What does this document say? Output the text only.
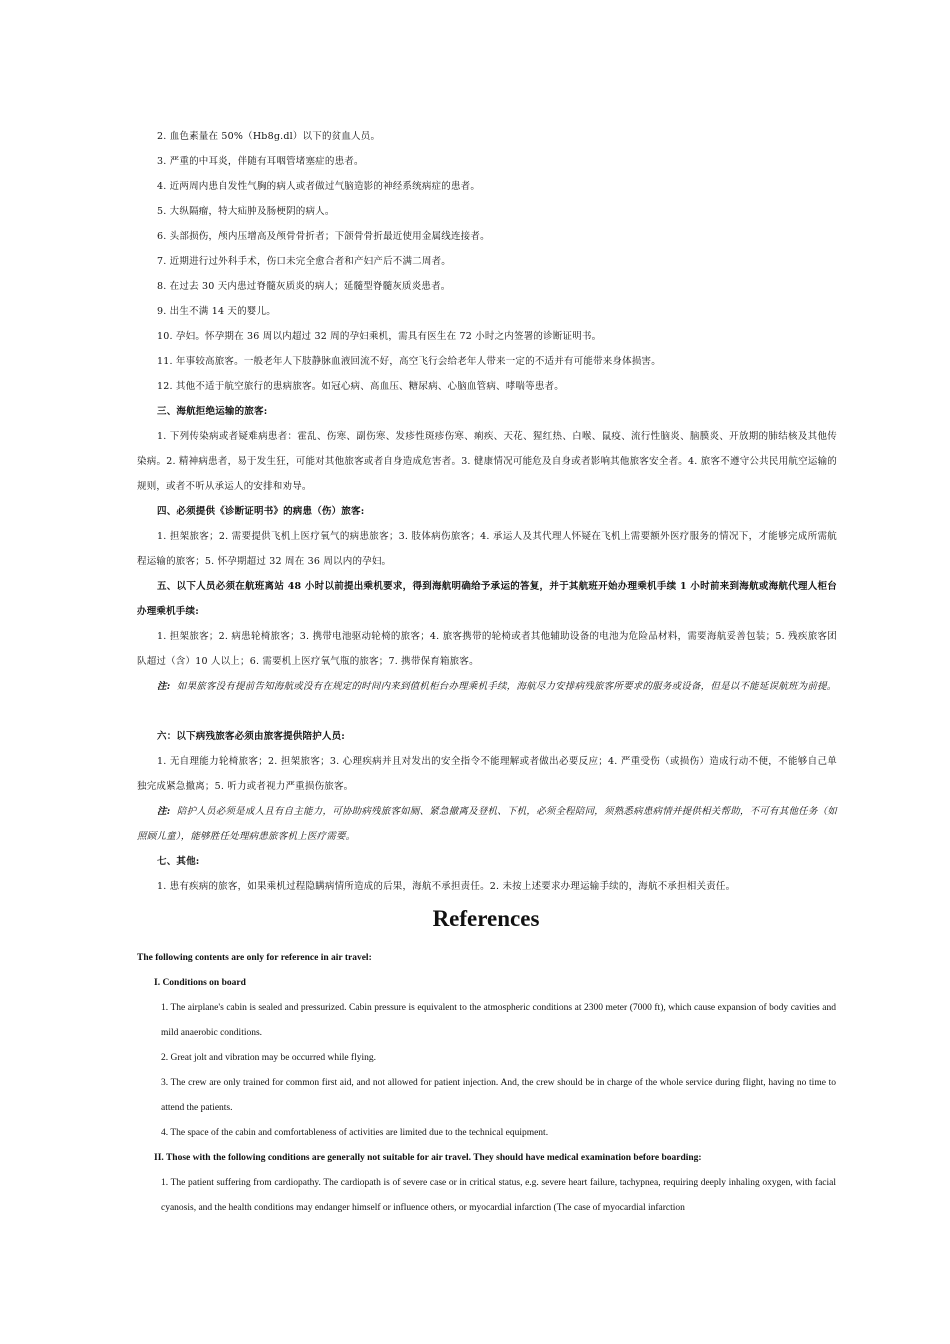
2. 血色素量在 50%（Hb8g.dl）以下的贫血人员。
3. 严重的中耳炎，伴随有耳咽管堵塞症的患者。
4. 近两周内患自发性气胸的病人或者做过气脑造影的神经系统病症的患者。
5. 大纵隔瘤，特大疝肿及肠梗阴的病人。
6. 头部损伤，颅内压增高及颅骨骨折者；下颌骨骨折最近使用金属线连接者。
7. 近期进行过外科手术，伤口未完全愈合者和产妇产后不满二周者。
8. 在过去 30 天内患过脊髓灰质炎的病人；延髓型脊髓灰质炎患者。
9. 出生不满 14 天的婴儿。
10. 孕妇。怀孕期在 36 周以内超过 32 周的孕妇乘机，需具有医生在 72 小时之内签署的诊断证明书。
11. 年事较高旅客。一般老年人下肢静脉血液回流不好，高空飞行会给老年人带来一定的不适并有可能带来身体损害。
12. 其他不适于航空旅行的患病旅客。如冠心病、高血压、糖尿病、心脑血管病、哮喘等患者。
三、海航拒绝运输的旅客:
1. 下列传染病或者疑难病患者：霍乱、伤寒、副伤寒、发疹性斑疹伤寒、痢疾、天花、猩红热、白喉、鼠疫、流行性脑炎、脑膜炎、开放期的肺结核及其他传染病。2. 精神病患者，易于发生狂，可能对其他旅客或者自身造成危害者。3. 健康情况可能危及自身或者影响其他旅客安全者。4. 旅客不遵守公共民用航空运输的规则，或者不听从承运人的安排和劝导。
四、必须提供《诊断证明书》的病患（伤）旅客:
1. 担架旅客；2. 需要提供飞机上医疗氧气的病患旅客；3. 肢体病伤旅客；4. 承运人及其代理人怀疑在飞机上需要额外医疗服务的情况下，才能够完成所需航程运输的旅客；5. 怀孕期超过 32 周在 36 周以内的孕妇。
五、以下人员必须在航班离站 48 小时以前提出乘机要求，得到海航明确给予承运的答复，并于其航班开始办理乘机手续 1 小时前来到海航或海航代理人柜台办理乘机手续:
1. 担架旅客；2. 病患轮椅旅客；3. 携带电池驱动轮椅的旅客；4. 旅客携带的轮椅或者其他辅助设备的电池为危险品材料，需要海航妥善包装；5. 残疾旅客团队超过（含）10 人以上；6. 需要机上医疗氧气瓶的旅客；7. 携带保育箱旅客。
注: 如果旅客没有提前告知海航或没有在规定的时间内来到值机柜台办理乘机手续，海航尽力安排病残旅客所要求的服务或设备，但是以不能延误航班为前提。
六：以下病残旅客必须由旅客提供陪护人员:
1. 无自理能力轮椅旅客；2. 担架旅客；3. 心理疾病并且对发出的安全指令不能理解或者做出必要反应；4. 严重受伤（或损伤）造成行动不便，不能够自己单独完成紧急撤离；5. 听力或者视力严重损伤旅客。
注: 陪护人员必须是成人且有自主能力，可协助病残旅客如厕、紧急撤离及登机、下机，必须全程陪同，须熟悉病患病情并提供相关帮助，不可有其他任务（如照顾儿童），能够胜任处理病患旅客机上医疗需要。
七、其他:
1. 患有疾病的旅客，如果乘机过程隐瞒病情所造成的后果，海航不承担责任。2. 未按上述要求办理运输手续的，海航不承担相关责任。
References
The following contents are only for reference in air travel:
I. Conditions on board
1. The airplane's cabin is sealed and pressurized. Cabin pressure is equivalent to the atmospheric conditions at 2300 meter (7000 ft), which cause expansion of body cavities and mild anaerobic conditions.
2. Great jolt and vibration may be occurred while flying.
3. The crew are only trained for common first aid, and not allowed for patient injection. And, the crew should be in charge of the whole service during flight, having no time to attend the patients.
4. The space of the cabin and comfortableness of activities are limited due to the technical equipment.
II. Those with the following conditions are generally not suitable for air travel. They should have medical examination before boarding:
1. The patient suffering from cardiopathy. The cardiopath is of severe case or in critical status, e.g. severe heart failure, tachypnea, requiring deeply inhaling oxygen, with facial cyanosis, and the health conditions may endanger himself or influence others, or myocardial infarction (The case of myocardial infarction
